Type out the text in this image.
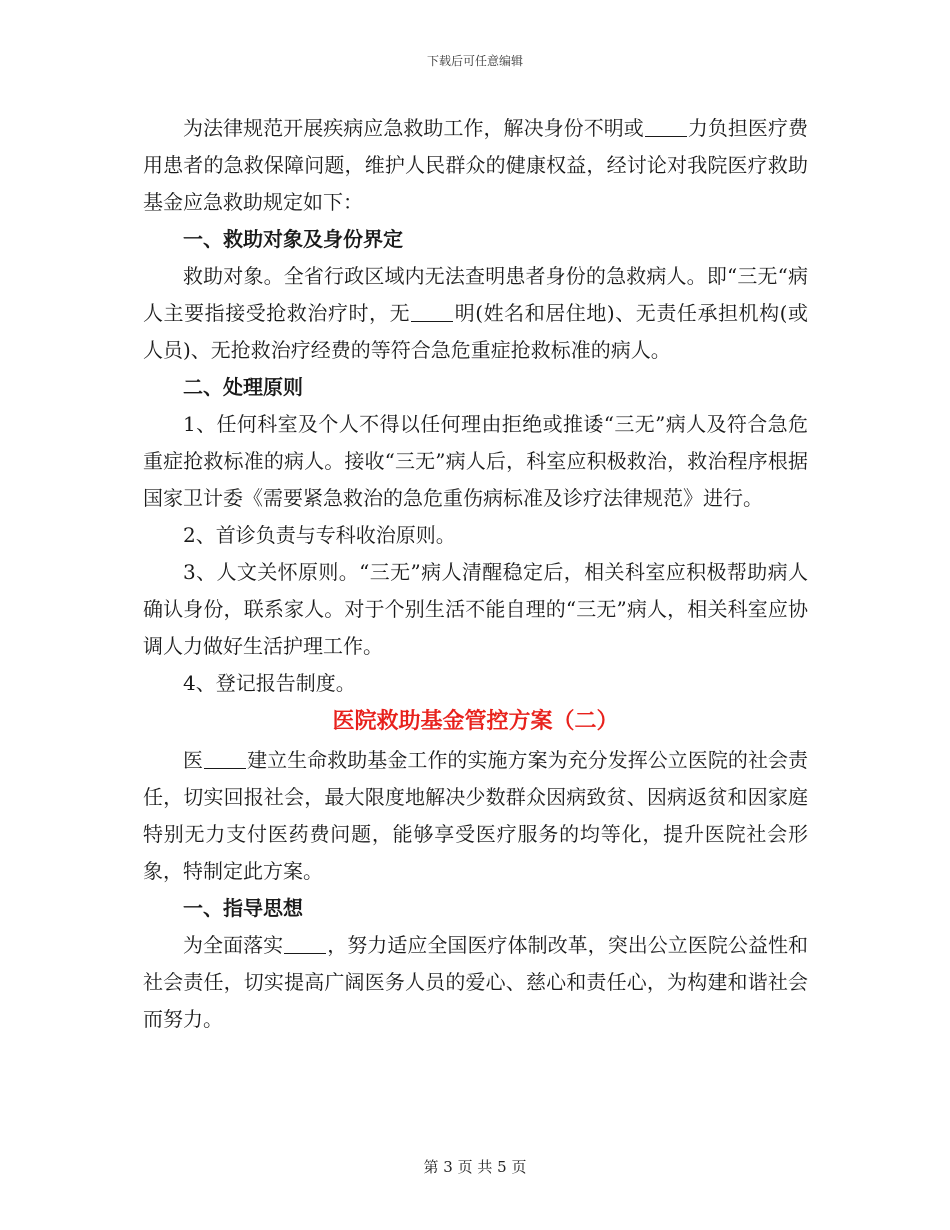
下载后可任意编辑

为法律规范开展疾病应急救助工作，解决身份不明或 力负担医疗费用患者的急救保障问题，维护人民群众的健康权益，经讨论对我院医疗救助基金应急救助规定如下：

一、救助对象及身份界定

救助对象。全省行政区域内无法查明患者身份的急救病人。即“三无“病人主要指接受抢救治疗时，无 明(姓名和居住地)、无责任承担机构(或人员)、无抢救治疗经费的等符合急危重症抢救标准的病人。

二、处理原则

1、任何科室及个人不得以任何理由拒绝或推诿“三无”病人及符合急危重症抢救标准的病人。接收“三无”病人后，科室应积极救治，救治程序根据国家卫计委《需要紧急救治的急危重伤病标准及诊疗法律规范》进行。

2、首诊负责与专科收治原则。

3、人文关怀原则。“三无”病人清醒稳定后，相关科室应积极帮助病人确认身份，联系家人。对于个别生活不能自理的“三无”病人，相关科室应协调人力做好生活护理工作。

4、登记报告制度。

医院救助基金管控方案（二）

医 建立生命救助基金工作的实施方案为充分发挥公立医院的社会责任，切实回报社会，最大限度地解决少数群众因病致贫、因病返贫和因家庭特别无力支付医药费问题，能够享受医疗服务的均等化，提升医院社会形象，特制定此方案。

一、指导思想

为全面落实 ，努力适应全国医疗体制改革，突出公立医院公益性和社会责任，切实提高广阔医务人员的爱心、慈心和责任心，为构建和谐社会而努力。

第 3 页 共 5 页
